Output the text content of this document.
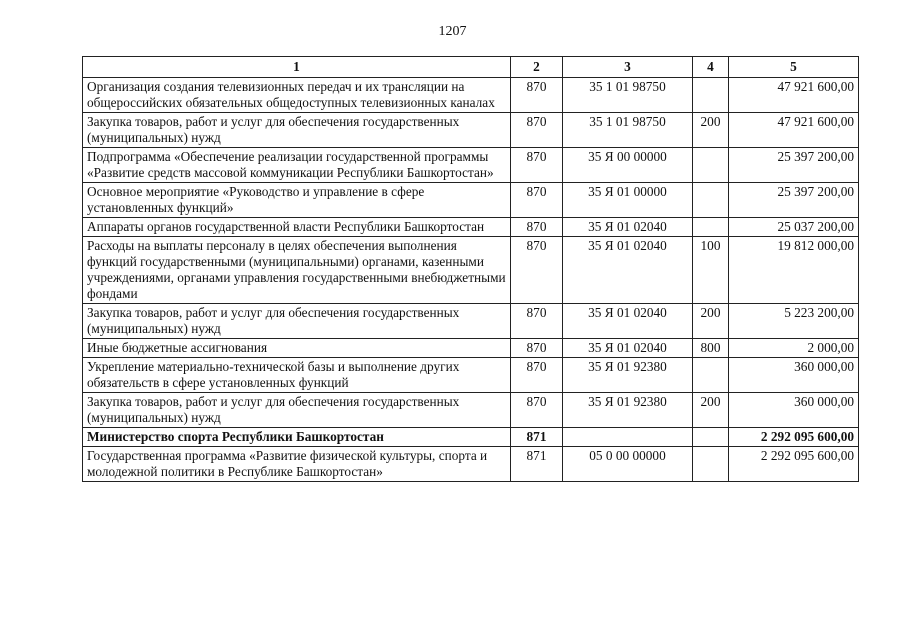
1207
1	2	3	4	5
Организация создания телевизионных передач и их трансляции на общероссийских обязательных общедоступных телевизионных каналах	870	35 1 01 98750		47 921 600,00
Закупка товаров, работ и услуг для обеспечения государственных (муниципальных) нужд	870	35 1 01 98750	200	47 921 600,00
Подпрограмма «Обеспечение реализации государственной программы «Развитие средств массовой коммуникации Республики Башкортостан»	870	35 Я 00 00000		25 397 200,00
Основное мероприятие «Руководство и управление в сфере установленных функций»	870	35 Я 01 00000		25 397 200,00
Аппараты органов государственной власти Республики Башкортостан	870	35 Я 01 02040		25 037 200,00
Расходы на выплаты персоналу в целях обеспечения выполнения функций государственными (муниципальными) органами, казенными учреждениями, органами управления государственными внебюджетными фондами	870	35 Я 01 02040	100	19 812 000,00
Закупка товаров, работ и услуг для обеспечения государственных (муниципальных) нужд	870	35 Я 01 02040	200	5 223 200,00
Иные бюджетные ассигнования	870	35 Я 01 02040	800	2 000,00
Укрепление материально-технической базы и выполнение других обязательств в сфере установленных функций	870	35 Я 01 92380		360 000,00
Закупка товаров, работ и услуг для обеспечения государственных (муниципальных) нужд	870	35 Я 01 92380	200	360 000,00
Министерство спорта Республики Башкортостан	871			2 292 095 600,00
Государственная программа «Развитие физической культуры, спорта и молодежной политики в Республике Башкортостан»	871	05 0 00 00000		2 292 095 600,00
